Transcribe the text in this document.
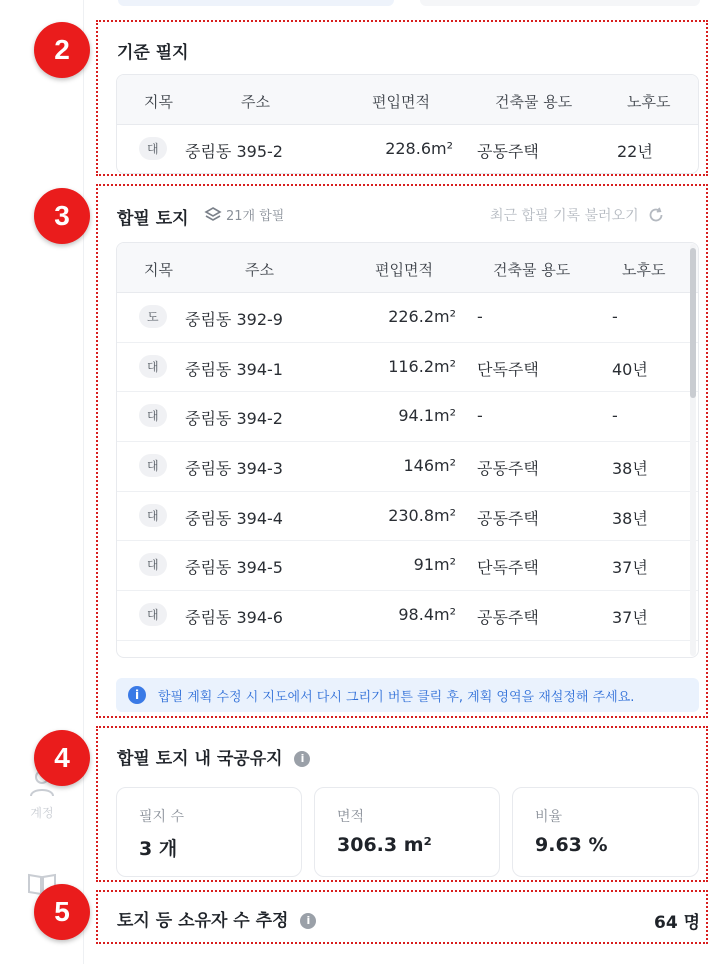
계정
2	기준 필지
지목	주소	편입면적	건축물 용도	노후도
대	중림동 395-2	228.6m² 공동주택	22년
3	합필 토지	21개 합필	최근 합필 기록 불러오기
지목	주소	편입면적	건축물 용도	노후도
도	중림동 392-9	226.2m² -	-
대	중림동 394-1	116.2m² 단독주택	40년
대	중림동 394-2	94.1m² -	-
대	중림동 394-3	146m² 공동주택	38년
대	중림동 394-4	230.8m² 공동주택	38년
대	중림동 394-5	91m² 단독주택	37년
대	중림동 394-6	98.4m² 공동주택	37년
i	합필 계획 수정 시 지도에서 다시 그리기 버튼 클릭 후, 계획 영역을 재설정해 주세요.
4	합필 토지 내 국공유지 i
필지 수
3 개
면적
306.3 m²
비율
9.63 %
5	토지 등 소유자 수 추정 i	64 명
